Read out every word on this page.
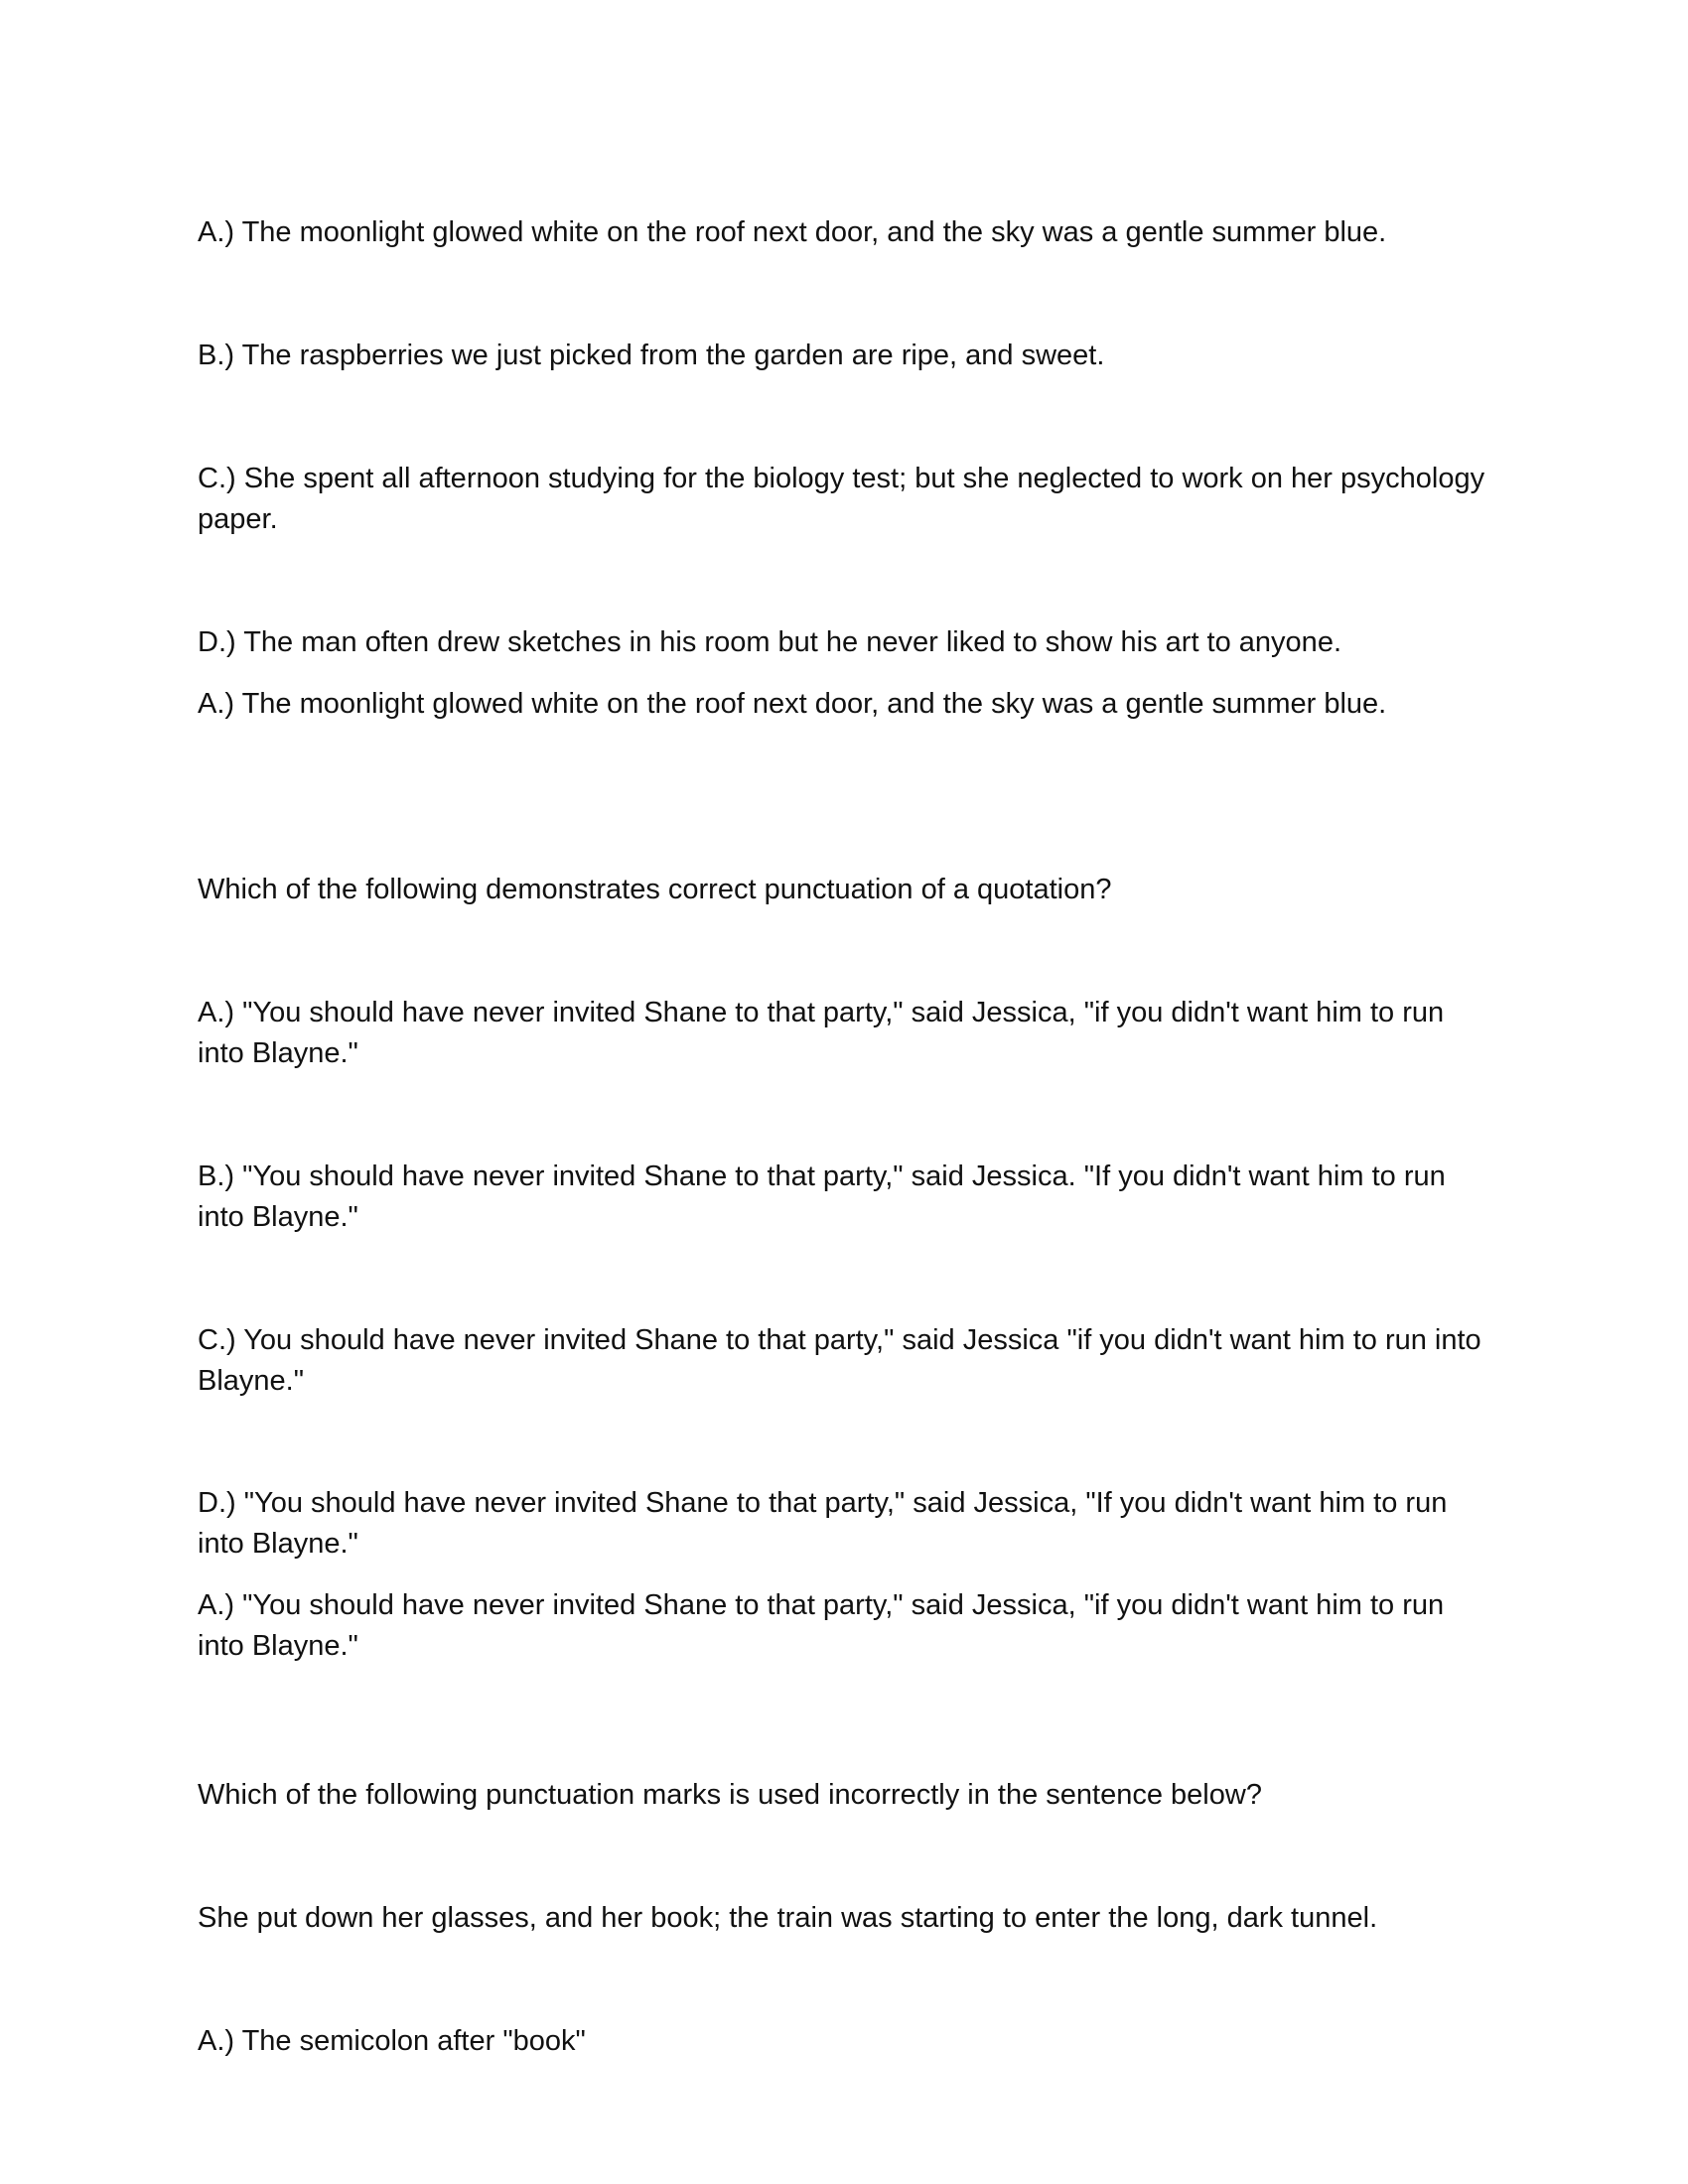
A.) The moonlight glowed white on the roof next door, and the sky was a gentle summer blue.

B.) The raspberries we just picked from the garden are ripe, and sweet.

C.) She spent all afternoon studying for the biology test; but she neglected to work on her psychology paper.

D.) The man often drew sketches in his room but he never liked to show his art to anyone.

A.) The moonlight glowed white on the roof next door, and the sky was a gentle summer blue.

Which of the following demonstrates correct punctuation of a quotation?

A.) "You should have never invited Shane to that party," said Jessica, "if you didn't want him to run into Blayne."

B.) "You should have never invited Shane to that party," said Jessica. "If you didn't want him to run into Blayne."

C.) You should have never invited Shane to that party," said Jessica "if you didn't want him to run into Blayne."

D.) "You should have never invited Shane to that party," said Jessica, "If you didn't want him to run into Blayne."

A.) "You should have never invited Shane to that party," said Jessica, "if you didn't want him to run into Blayne."

Which of the following punctuation marks is used incorrectly in the sentence below?

She put down her glasses, and her book; the train was starting to enter the long, dark tunnel.

A.) The semicolon after "book"
